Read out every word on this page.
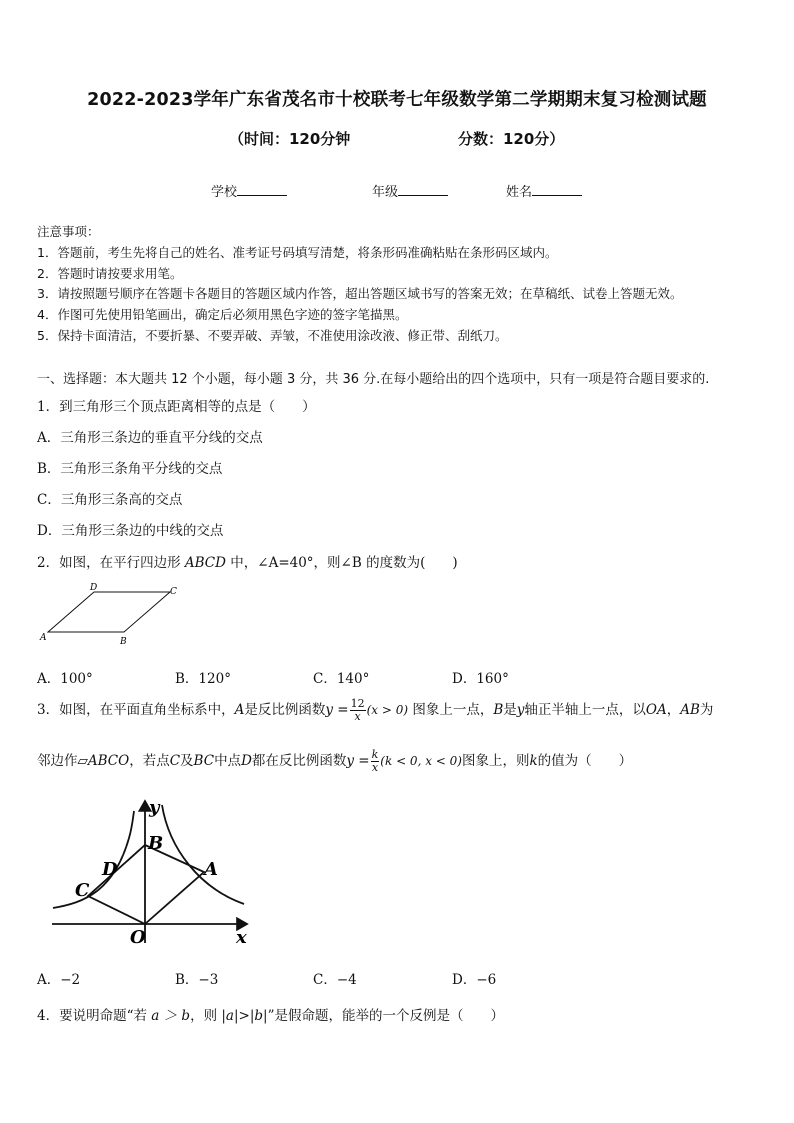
2022-2023学年广东省茂名市十校联考七年级数学第二学期期末复习检测试题
（时间：120分钟	分数：120分）
学校	年级	姓名
注意事项：
1．答题前，考生先将自己的姓名、准考证号码填写清楚，将条形码准确粘贴在条形码区域内。
2．答题时请按要求用笔。
3．请按照题号顺序在答题卡各题目的答题区域内作答，超出答题区域书写的答案无效；在草稿纸、试卷上答题无效。
4．作图可先使用铅笔画出，确定后必须用黑色字迹的签字笔描黑。
5．保持卡面清洁，不要折暴、不要弄破、弄皱，不准使用涂改液、修正带、刮纸刀。
一、选择题：本大题共 12 个小题，每小题 3 分，共 36 分.在每小题给出的四个选项中，只有一项是符合题目要求的.
1．到三角形三个顶点距离相等的点是（　　）
A．三角形三条边的垂直平分线的交点
B．三角形三条角平分线的交点
C．三角形三条高的交点
D．三角形三条边的中线的交点
2．如图，在平行四边形 ABCD 中，∠A=40°，则∠B 的度数为(　　)
A	B
C
D
A．100°	B．120°	C．140°	D．160°
3．如图，在平面直角坐标系中，A是反比例函数$y = \frac{12}{x} (x > 0)$ 图象上一点，B是y轴正半轴上一点，以OA，AB为
邻边作▱ABCO，若点C及BC中点D都在反比例函数$y = \frac{k}{x} (k < 0$, x < 0)图象上，则k的值为（　　）
y
x
O
A
B
C
D
A．−2	B．−3	C．−4	D．−6
4．要说明命题“若 a ＞ b，则 |a|>|b|”是假命题，能举的一个反例是（　　）
